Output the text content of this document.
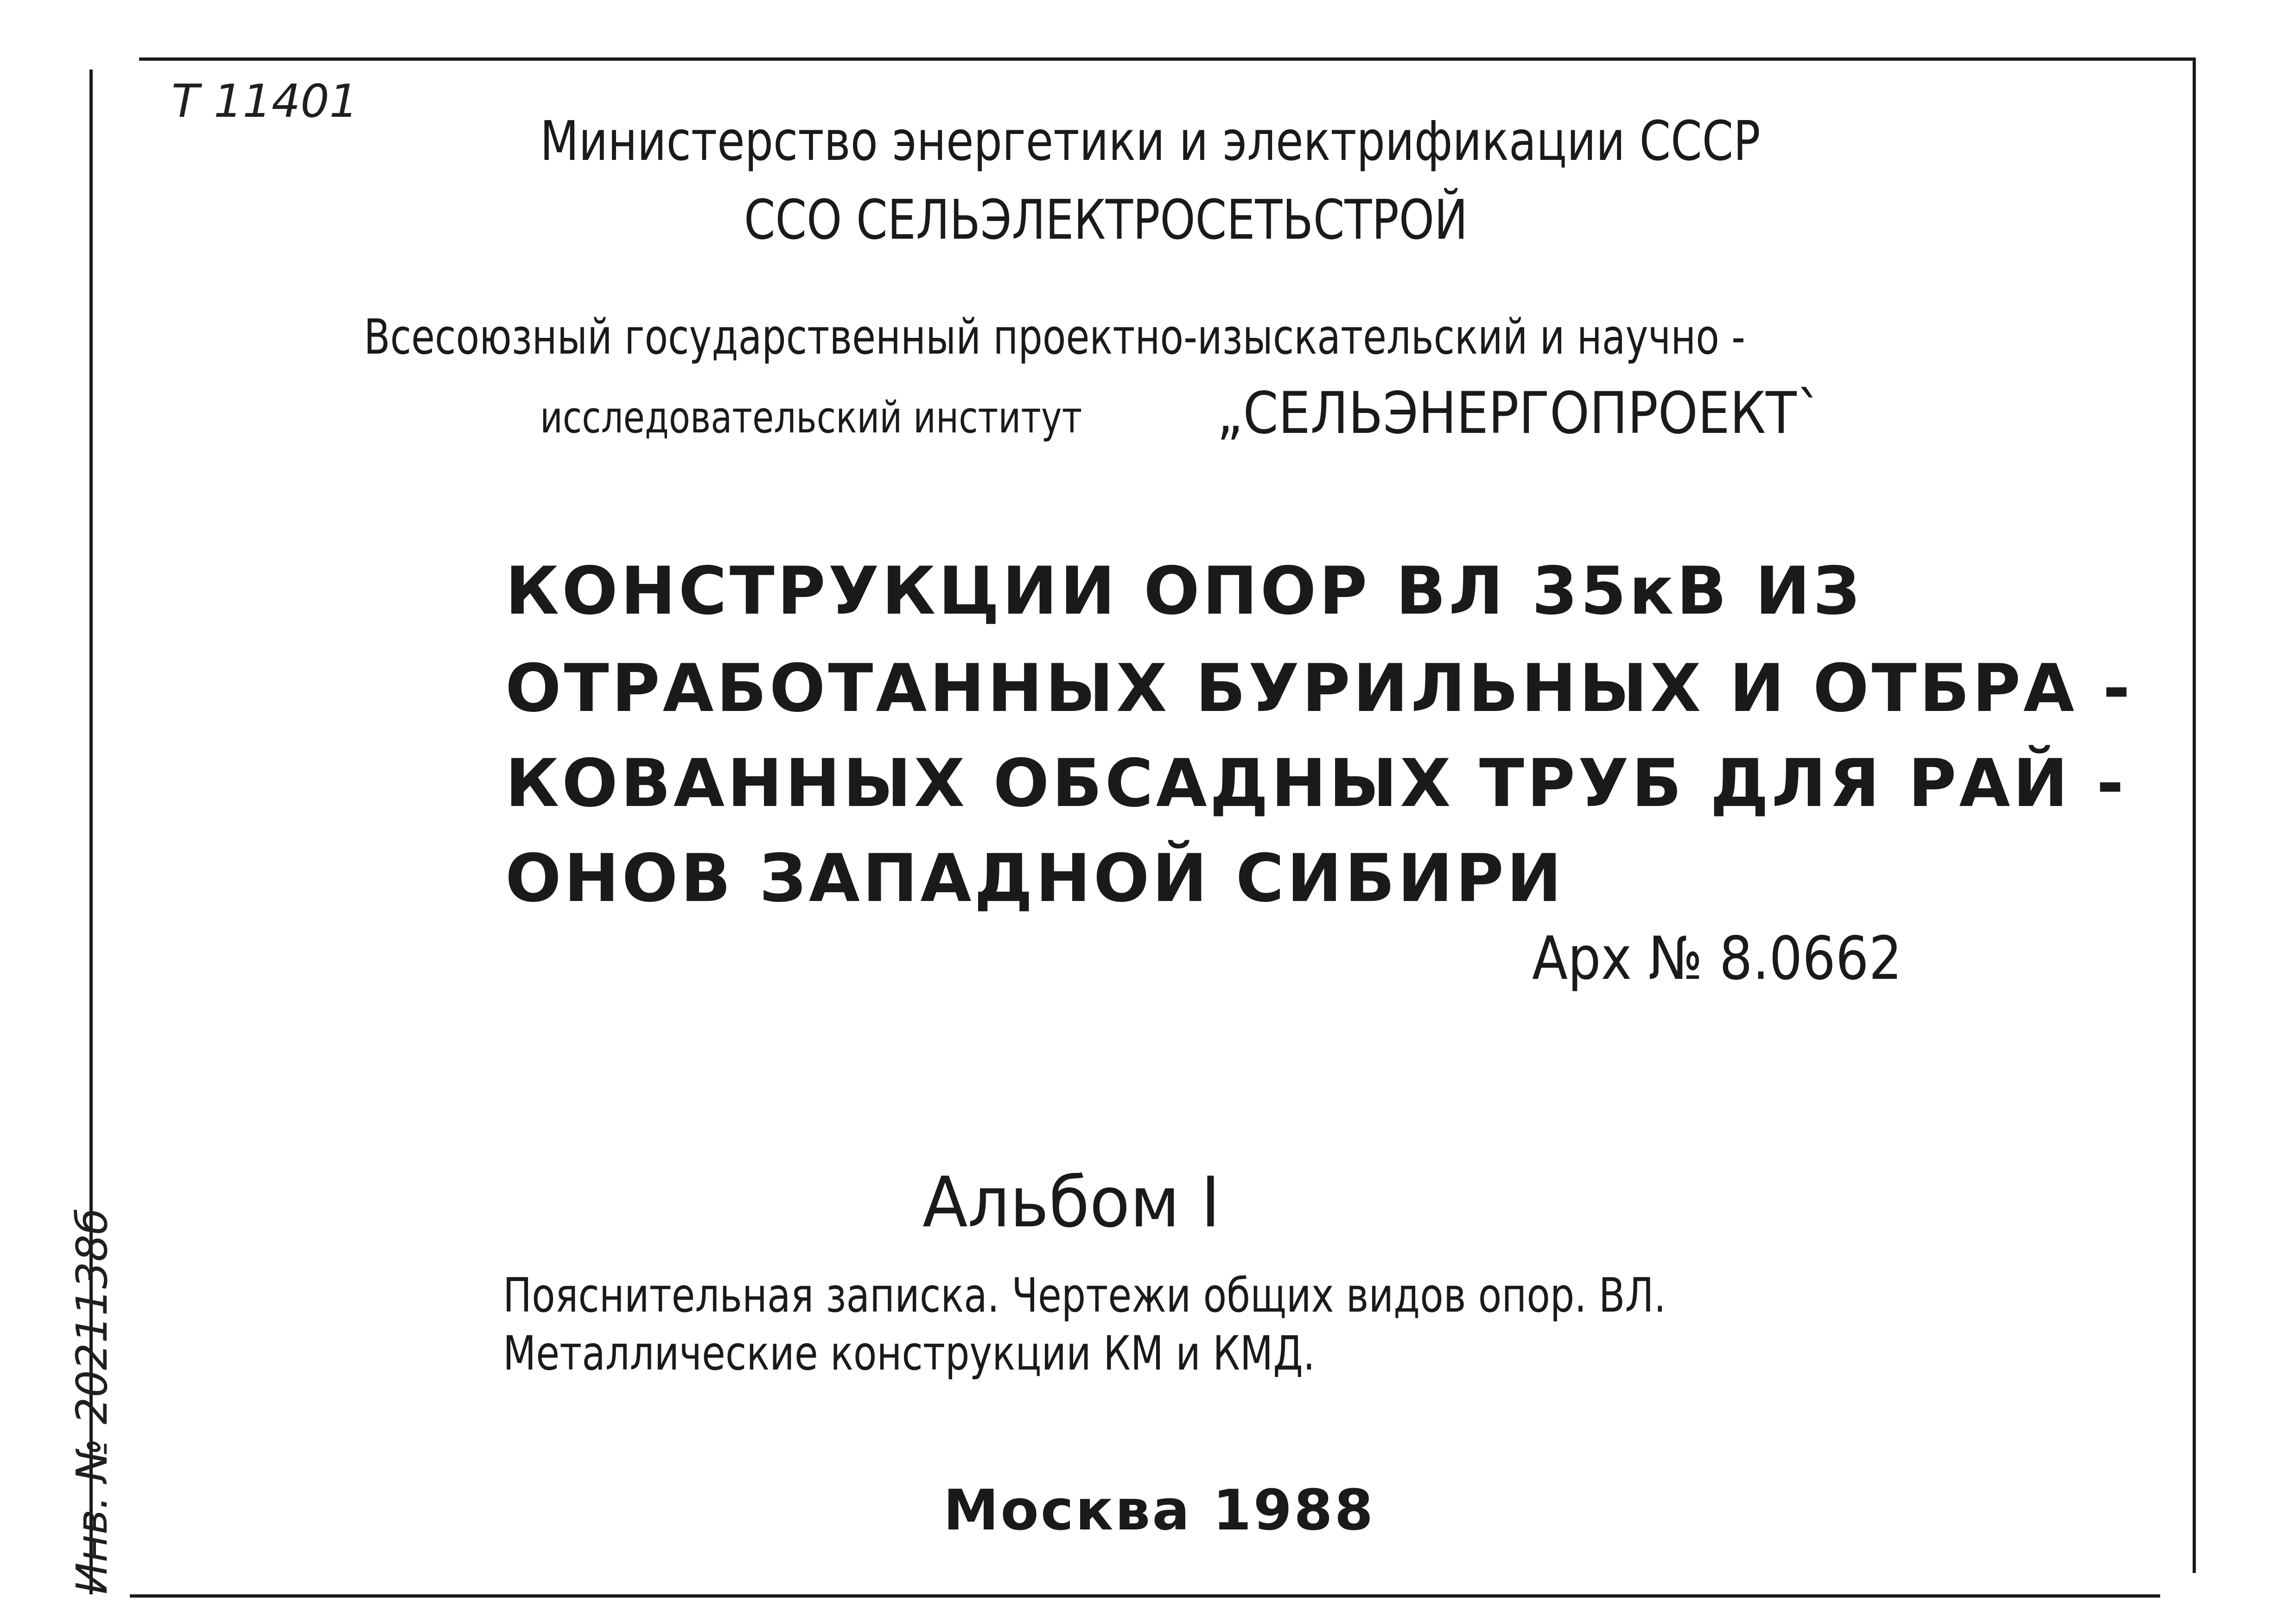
Т 11401
Министерство энергетики и электрификации СССР
ССО СЕЛЬЭЛЕКТРОСЕТЬСТРОЙ
Всесоюзный государственный проектно-изыскательский и научно -
исследовательский институт „СЕЛЬЭНЕРГОПРОЕКТ`
КОНСТРУКЦИИ ОПОР ВЛ 35кВ ИЗ
ОТРАБОТАННЫХ БУРИЛЬНЫХ И ОТБРА -
КОВАННЫХ ОБСАДНЫХ ТРУБ ДЛЯ РАЙ -
ОНОВ ЗАПАДНОЙ СИБИРИ
Арх № 8.0662
Альбом I
Пояснительная записка. Чертежи общих видов опор. ВЛ.
Металлические конструкции КМ и КМД.
Москва 1988
Инв. № 2021138б
